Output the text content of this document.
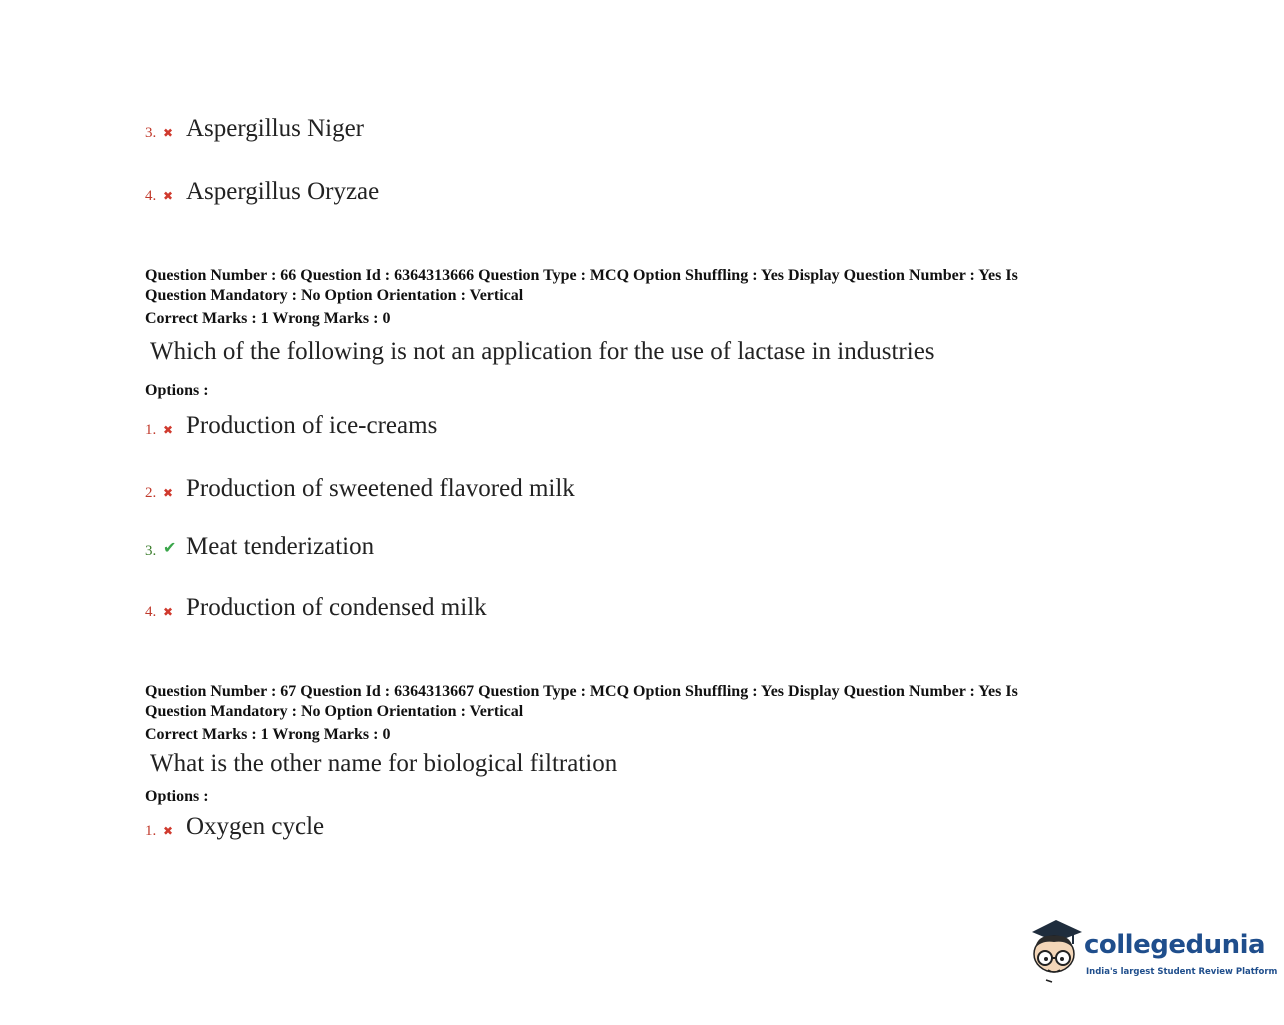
3. ✖ Aspergillus Niger
4. ✖ Aspergillus Oryzae
Question Number : 66 Question Id : 6364313666 Question Type : MCQ Option Shuffling : Yes Display Question Number : Yes Is
Question Mandatory : No Option Orientation : Vertical
Correct Marks : 1 Wrong Marks : 0
Which of the following is not an application for the use of lactase in industries
Options :
1. ✖ Production of ice-creams
2. ✖ Production of sweetened flavored milk
3. ✔ Meat tenderization
4. ✖ Production of condensed milk
Question Number : 67 Question Id : 6364313667 Question Type : MCQ Option Shuffling : Yes Display Question Number : Yes Is
Question Mandatory : No Option Orientation : Vertical
Correct Marks : 1 Wrong Marks : 0
What is the other name for biological filtration
Options :
1. ✖ Oxygen cycle
collegedunia
India's largest Student Review Platform
